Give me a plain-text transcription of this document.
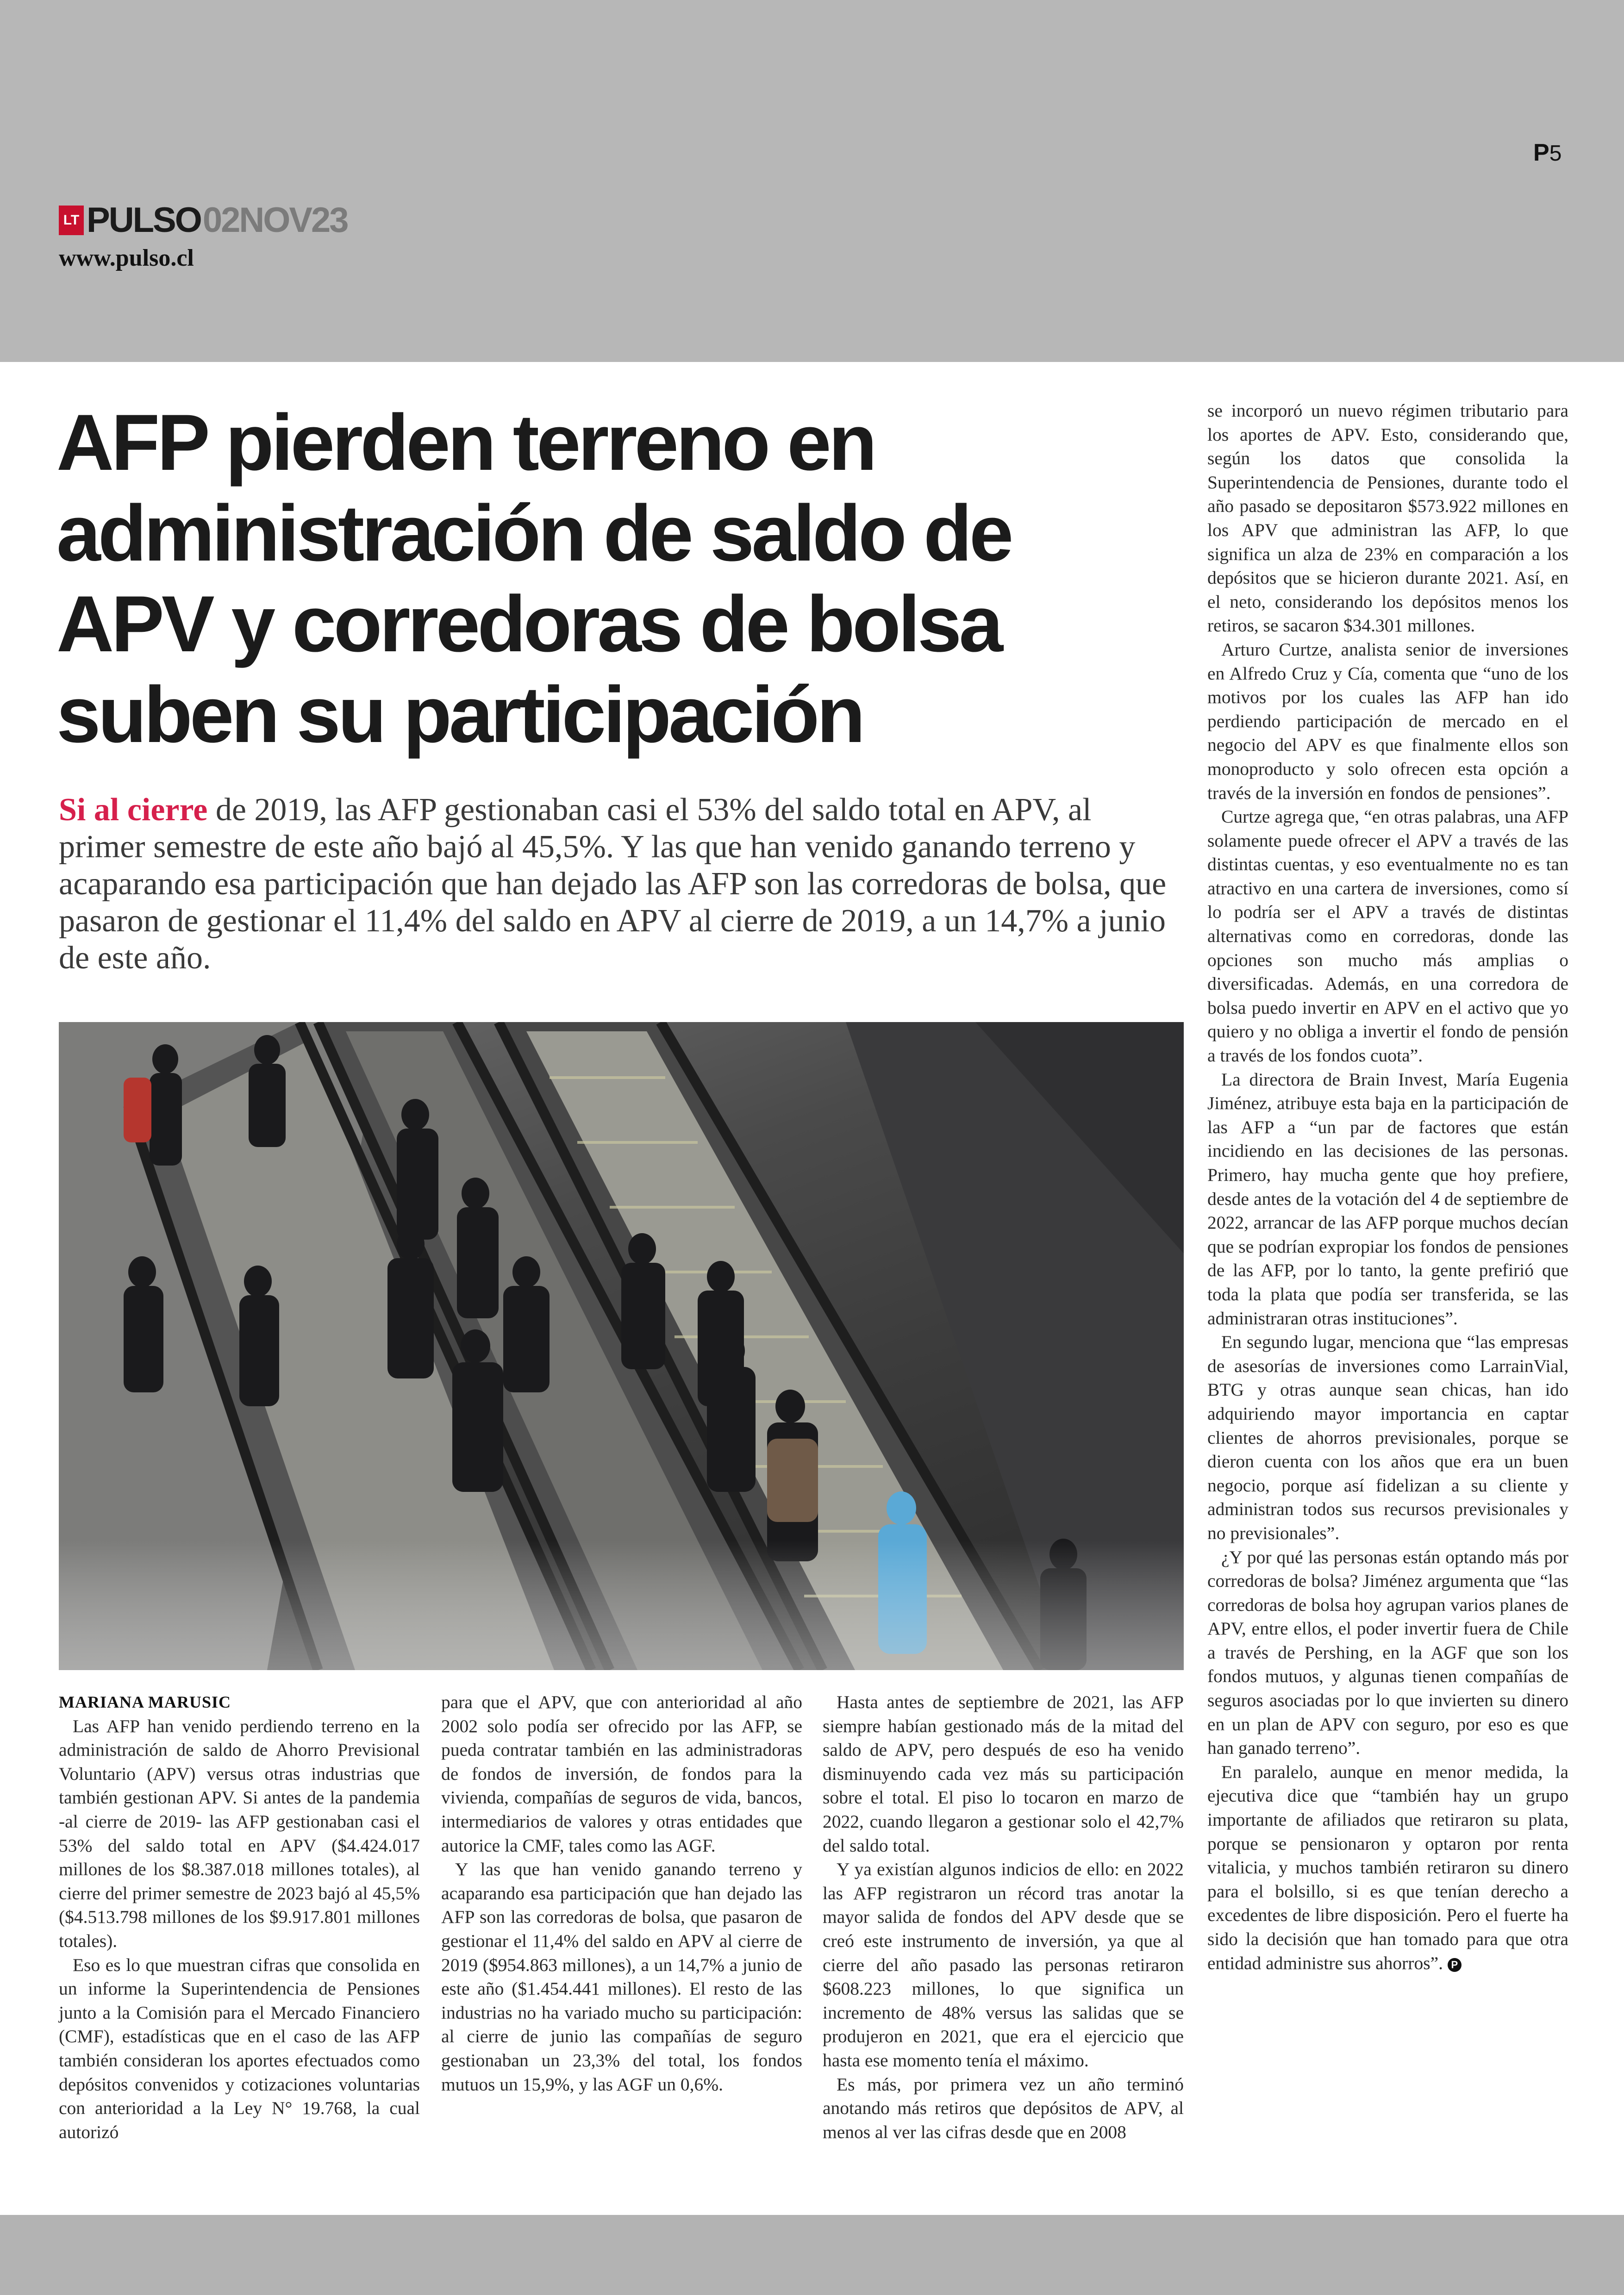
P5
LT PULSO 02NOV23
www.pulso.cl
AFP pierden terreno en administración de saldo de APV y corredoras de bolsa suben su participación

Si al cierre de 2019, las AFP gestionaban casi el 53% del saldo total en APV, al primer semestre de este año bajó al 45,5%. Y las que han venido ganando terreno y acaparando esa participación que han dejado las AFP son las corredoras de bolsa, que pasaron de gestionar el 11,4% del saldo en APV al cierre de 2019, a un 14,7% a junio de este año.

MARIANA MARUSIC

Las AFP han venido perdiendo terreno en la administración de saldo de Ahorro Previsional Voluntario (APV) versus otras industrias que también gestionan APV. Si antes de la pandemia -al cierre de 2019- las AFP gestionaban casi el 53% del saldo total en APV ($4.424.017 millones de los $8.387.018 millones totales), al cierre del primer semestre de 2023 bajó al 45,5% ($4.513.798 millones de los $9.917.801 millones totales).

Eso es lo que muestran cifras que consolida en un informe la Superintendencia de Pensiones junto a la Comisión para el Mercado Financiero (CMF), estadísticas que en el caso de las AFP también consideran los aportes efectuados como depósitos convenidos y cotizaciones voluntarias con anterioridad a la Ley N° 19.768, la cual autorizó

para que el APV, que con anterioridad al año 2002 solo podía ser ofrecido por las AFP, se pueda contratar también en las administradoras de fondos de inversión, de fondos para la vivienda, compañías de seguros de vida, bancos, intermediarios de valores y otras entidades que autorice la CMF, tales como las AGF.

Y las que han venido ganando terreno y acaparando esa participación que han dejado las AFP son las corredoras de bolsa, que pasaron de gestionar el 11,4% del saldo en APV al cierre de 2019 ($954.863 millones), a un 14,7% a junio de este año ($1.454.441 millones). El resto de las industrias no ha variado mucho su participación: al cierre de junio las compañías de seguro gestionaban un 23,3% del total, los fondos mutuos un 15,9%, y las AGF un 0,6%.

Hasta antes de septiembre de 2021, las AFP siempre habían gestionado más de la mitad del saldo de APV, pero después de eso ha venido disminuyendo cada vez más su participación sobre el total. El piso lo tocaron en marzo de 2022, cuando llegaron a gestionar solo el 42,7% del saldo total.

Y ya existían algunos indicios de ello: en 2022 las AFP registraron un récord tras anotar la mayor salida de fondos del APV desde que se creó este instrumento de inversión, ya que al cierre del año pasado las personas retiraron $608.223 millones, lo que significa un incremento de 48% versus las salidas que se produjeron en 2021, que era el ejercicio que hasta ese momento tenía el máximo.

Es más, por primera vez un año terminó anotando más retiros que depósitos de APV, al menos al ver las cifras desde que en 2008

se incorporó un nuevo régimen tributario para los aportes de APV. Esto, considerando que, según los datos que consolida la Superintendencia de Pensiones, durante todo el año pasado se depositaron $573.922 millones en los APV que administran las AFP, lo que significa un alza de 23% en comparación a los depósitos que se hicieron durante 2021. Así, en el neto, considerando los depósitos menos los retiros, se sacaron $34.301 millones.

Arturo Curtze, analista senior de inversiones en Alfredo Cruz y Cía, comenta que “uno de los motivos por los cuales las AFP han ido perdiendo participación de mercado en el negocio del APV es que finalmente ellos son monoproducto y solo ofrecen esta opción a través de la inversión en fondos de pensiones”.

Curtze agrega que, “en otras palabras, una AFP solamente puede ofrecer el APV a través de las distintas cuentas, y eso eventualmente no es tan atractivo en una cartera de inversiones, como sí lo podría ser el APV a través de distintas alternativas como en corredoras, donde las opciones son mucho más amplias o diversificadas. Además, en una corredora de bolsa puedo invertir en APV en el activo que yo quiero y no obliga a invertir el fondo de pensión a través de los fondos cuota”.

La directora de Brain Invest, María Eugenia Jiménez, atribuye esta baja en la participación de las AFP a “un par de factores que están incidiendo en las decisiones de las personas. Primero, hay mucha gente que hoy prefiere, desde antes de la votación del 4 de septiembre de 2022, arrancar de las AFP porque muchos decían que se podrían expropiar los fondos de pensiones de las AFP, por lo tanto, la gente prefirió que toda la plata que podía ser transferida, se las administraran otras instituciones”.

En segundo lugar, menciona que “las empresas de asesorías de inversiones como LarrainVial, BTG y otras aunque sean chicas, han ido adquiriendo mayor importancia en captar clientes de ahorros previsionales, porque se dieron cuenta con los años que era un buen negocio, porque así fidelizan a su cliente y administran todos sus recursos previsionales y no previsionales”.

¿Y por qué las personas están optando más por corredoras de bolsa? Jiménez argumenta que “las corredoras de bolsa hoy agrupan varios planes de APV, entre ellos, el poder invertir fuera de Chile a través de Pershing, en la AGF que son los fondos mutuos, y algunas tienen compañías de seguros asociadas por lo que invierten su dinero en un plan de APV con seguro, por eso es que han ganado terreno”.

En paralelo, aunque en menor medida, la ejecutiva dice que “también hay un grupo importante de afiliados que retiraron su plata, porque se pensionaron y optaron por renta vitalicia, y muchos también retiraron su dinero para el bolsillo, si es que tenían derecho a excedentes de libre disposición. Pero el fuerte ha sido la decisión que han tomado para que otra entidad administre sus ahorros”. P
